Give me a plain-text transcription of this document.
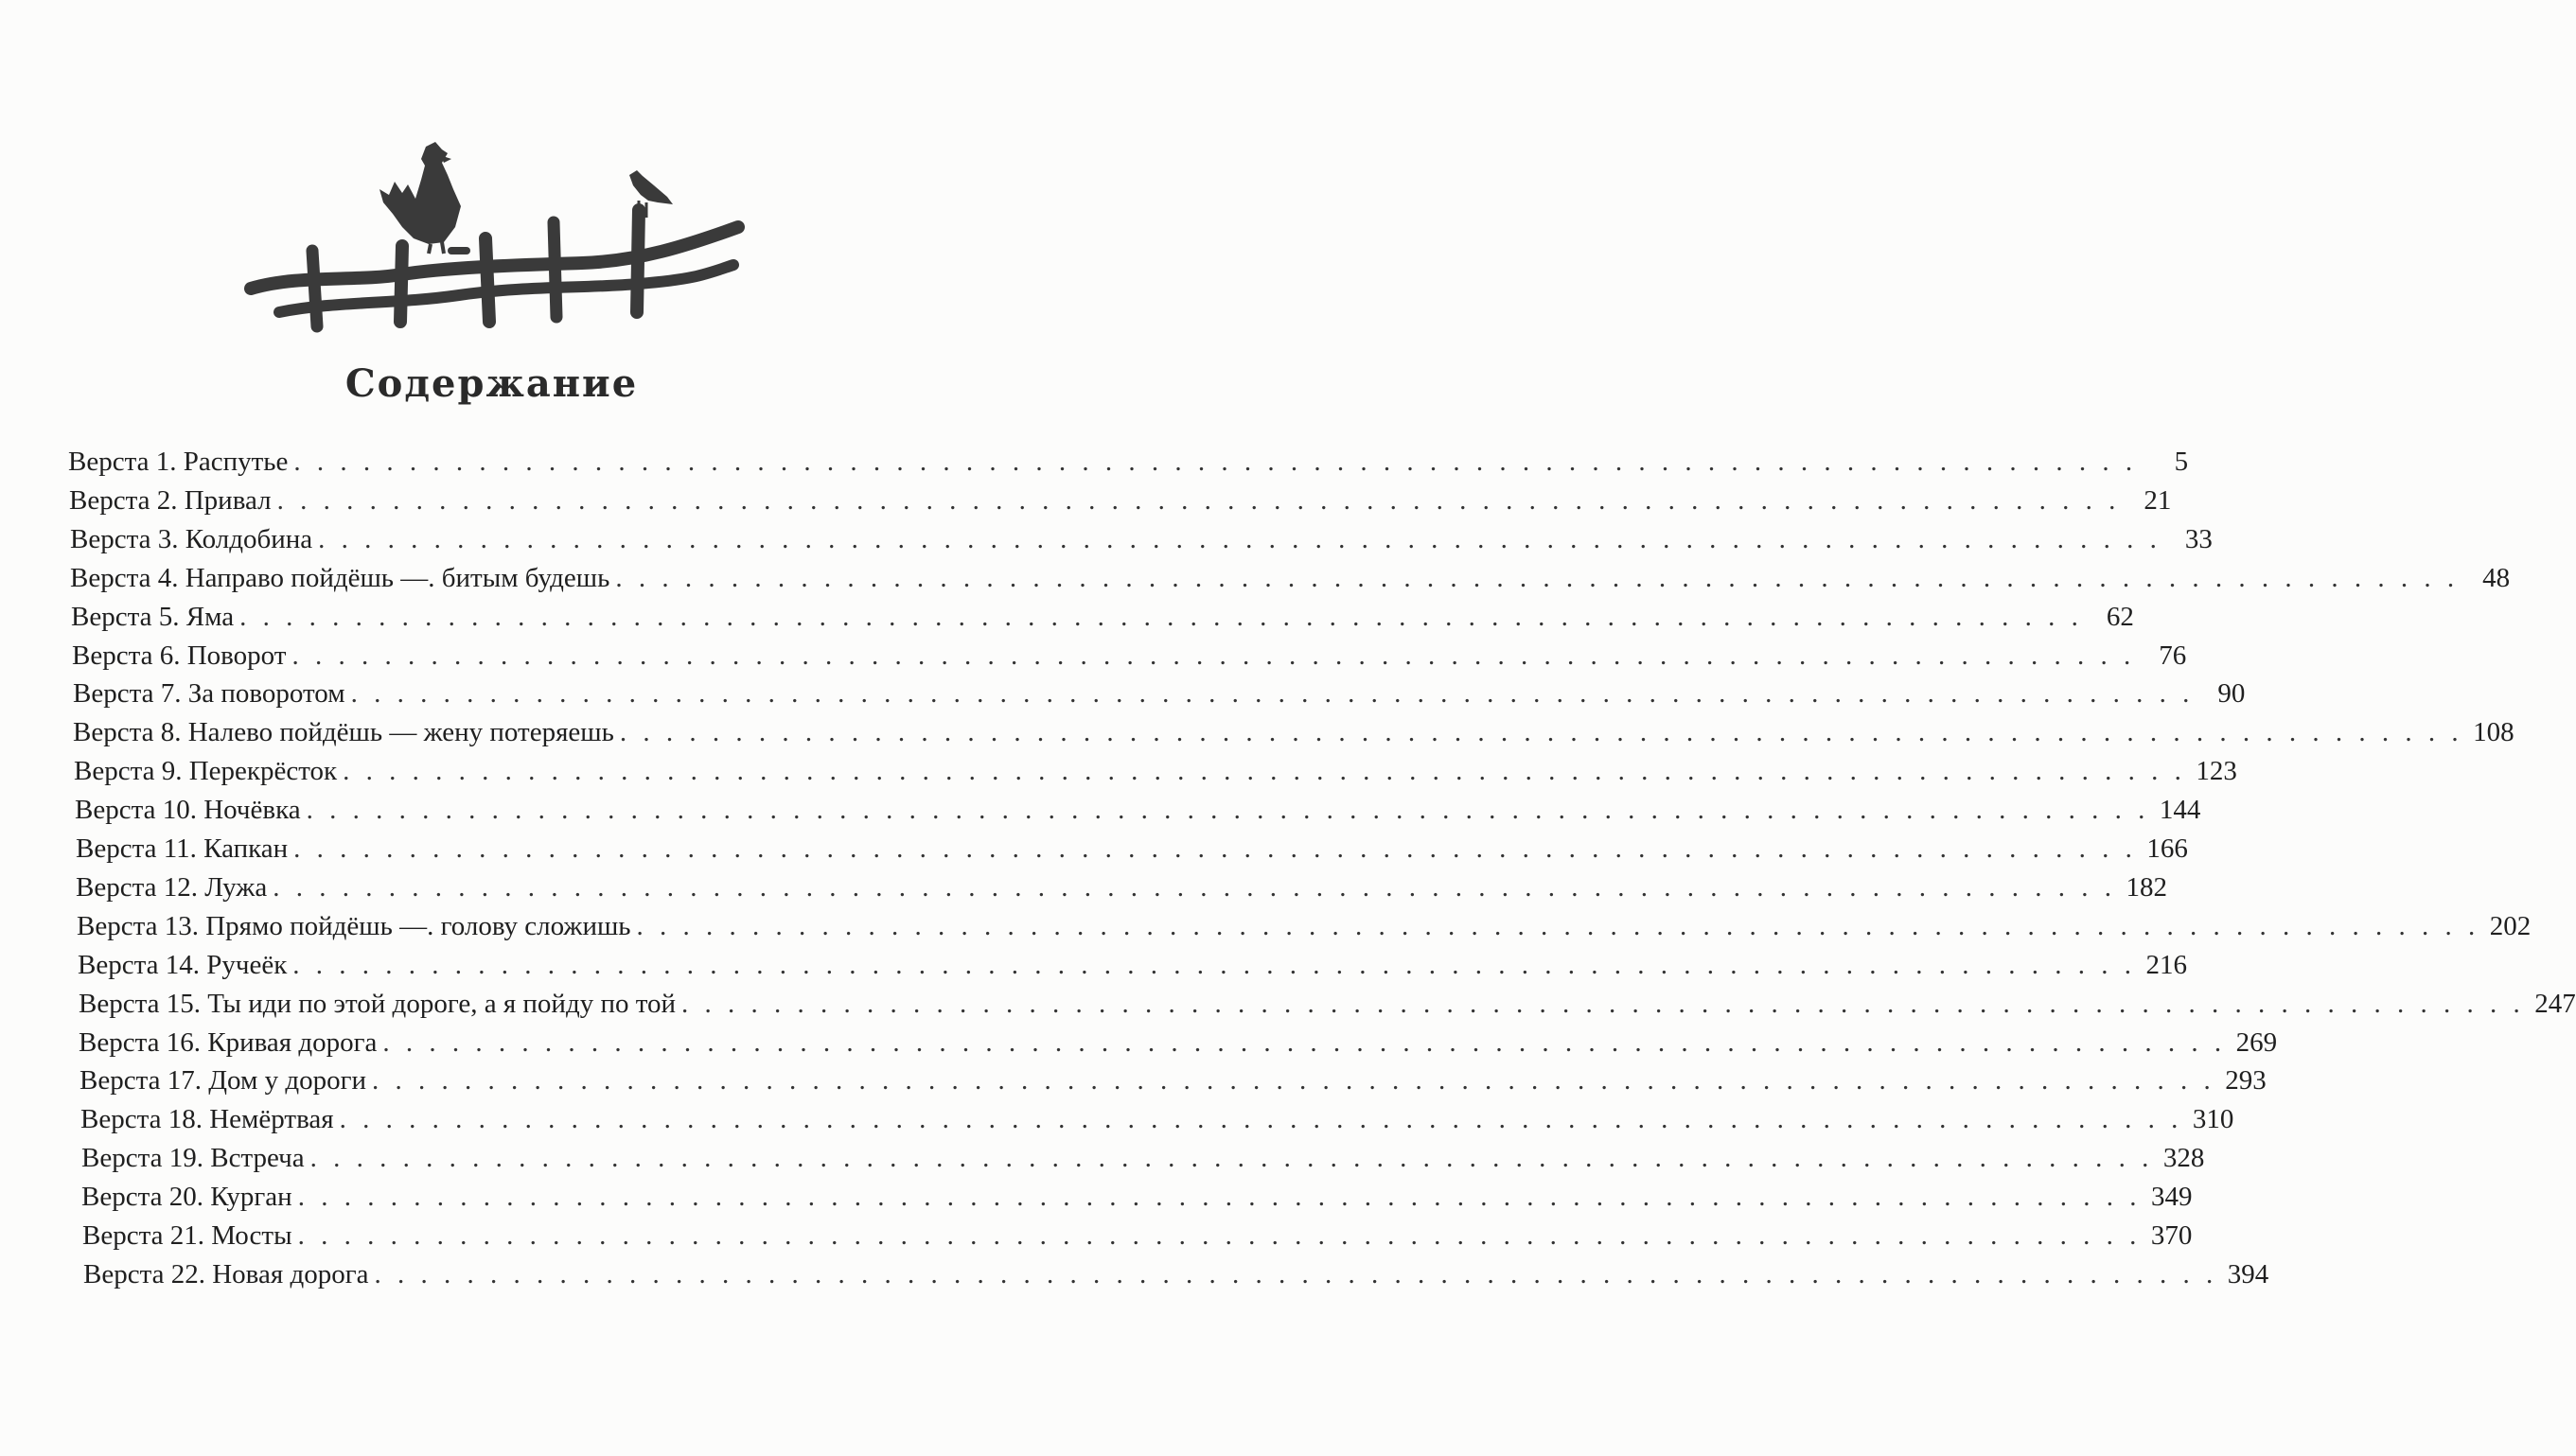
Содержание
Верста 1. Распутье . . . . . . . . . . . . . . . . . . . . . . . . . . . . . . . . . . . . . . . . . . . . . . . . . . . . . . . . . . . . . . . . . . . . . . . . . . . . . . . .	5
Верста 2. Привал . . . . . . . . . . . . . . . . . . . . . . . . . . . . . . . . . . . . . . . . . . . . . . . . . . . . . . . . . . . . . . . . . . . . . . . . . . . . . . . . 21
Верста 3. Колдобина . . . . . . . . . . . . . . . . . . . . . . . . . . . . . . . . . . . . . . . . . . . . . . . . . . . . . . . . . . . . . . . . . . . . . . . . . . . . . . . . 33
Верста 4. Направо пойдёшь —. битым будешь . . . . . . . . . . . . . . . . . . . . . . . . . . . . . . . . . . . . . . . . . . . . . . . . . . . . . . . . . . . . . . . . . . . . . . . . . . . . . . . . 48
Верста 5. Яма . . . . . . . . . . . . . . . . . . . . . . . . . . . . . . . . . . . . . . . . . . . . . . . . . . . . . . . . . . . . . . . . . . . . . . . . . . . . . . . . 62
Верста 6. Поворот . . . . . . . . . . . . . . . . . . . . . . . . . . . . . . . . . . . . . . . . . . . . . . . . . . . . . . . . . . . . . . . . . . . . . . . . . . . . . . . . 76
Верста 7. За поворотом . . . . . . . . . . . . . . . . . . . . . . . . . . . . . . . . . . . . . . . . . . . . . . . . . . . . . . . . . . . . . . . . . . . . . . . . . . . . . . . . 90
Верста 8. Налево пойдёшь — жену потеряешь . . . . . . . . . . . . . . . . . . . . . . . . . . . . . . . . . . . . . . . . . . . . . . . . . . . . . . . . . . . . . . . . . . . . . . . . . . . . . . . . 108
Верста 9. Перекрёсток . . . . . . . . . . . . . . . . . . . . . . . . . . . . . . . . . . . . . . . . . . . . . . . . . . . . . . . . . . . . . . . . . . . . . . . . . . . . . . . . 123
Верста 10. Ночёвка . . . . . . . . . . . . . . . . . . . . . . . . . . . . . . . . . . . . . . . . . . . . . . . . . . . . . . . . . . . . . . . . . . . . . . . . . . . . . . . . 144
Верста 11. Капкан . . . . . . . . . . . . . . . . . . . . . . . . . . . . . . . . . . . . . . . . . . . . . . . . . . . . . . . . . . . . . . . . . . . . . . . . . . . . . . . . 166
Верста 12. Лужа . . . . . . . . . . . . . . . . . . . . . . . . . . . . . . . . . . . . . . . . . . . . . . . . . . . . . . . . . . . . . . . . . . . . . . . . . . . . . . . . 182
Верста 13. Прямо пойдёшь —. голову сложишь . . . . . . . . . . . . . . . . . . . . . . . . . . . . . . . . . . . . . . . . . . . . . . . . . . . . . . . . . . . . . . . . . . . . . . . . . . . . . . . . 202
Верста 14. Ручеёк . . . . . . . . . . . . . . . . . . . . . . . . . . . . . . . . . . . . . . . . . . . . . . . . . . . . . . . . . . . . . . . . . . . . . . . . . . . . . . . . 216
Верста 15. Ты иди по этой дороге, а я пойду по той . . . . . . . . . . . . . . . . . . . . . . . . . . . . . . . . . . . . . . . . . . . . . . . . . . . . . . . . . . . . . . . . . . . . . . . . . . . . . . . . 247
Верста 16. Кривая дорога . . . . . . . . . . . . . . . . . . . . . . . . . . . . . . . . . . . . . . . . . . . . . . . . . . . . . . . . . . . . . . . . . . . . . . . . . . . . . . . . 269
Верста 17. Дом у дороги . . . . . . . . . . . . . . . . . . . . . . . . . . . . . . . . . . . . . . . . . . . . . . . . . . . . . . . . . . . . . . . . . . . . . . . . . . . . . . . . 293
Верста 18. Немёртвая . . . . . . . . . . . . . . . . . . . . . . . . . . . . . . . . . . . . . . . . . . . . . . . . . . . . . . . . . . . . . . . . . . . . . . . . . . . . . . . . 310
Верста 19. Встреча . . . . . . . . . . . . . . . . . . . . . . . . . . . . . . . . . . . . . . . . . . . . . . . . . . . . . . . . . . . . . . . . . . . . . . . . . . . . . . . . 328
Верста 20. Курган . . . . . . . . . . . . . . . . . . . . . . . . . . . . . . . . . . . . . . . . . . . . . . . . . . . . . . . . . . . . . . . . . . . . . . . . . . . . . . . . 349
Верста 21. Мосты . . . . . . . . . . . . . . . . . . . . . . . . . . . . . . . . . . . . . . . . . . . . . . . . . . . . . . . . . . . . . . . . . . . . . . . . . . . . . . . . 370
Верста 22. Новая дорога . . . . . . . . . . . . . . . . . . . . . . . . . . . . . . . . . . . . . . . . . . . . . . . . . . . . . . . . . . . . . . . . . . . . . . . . . . . . . . . . 394
